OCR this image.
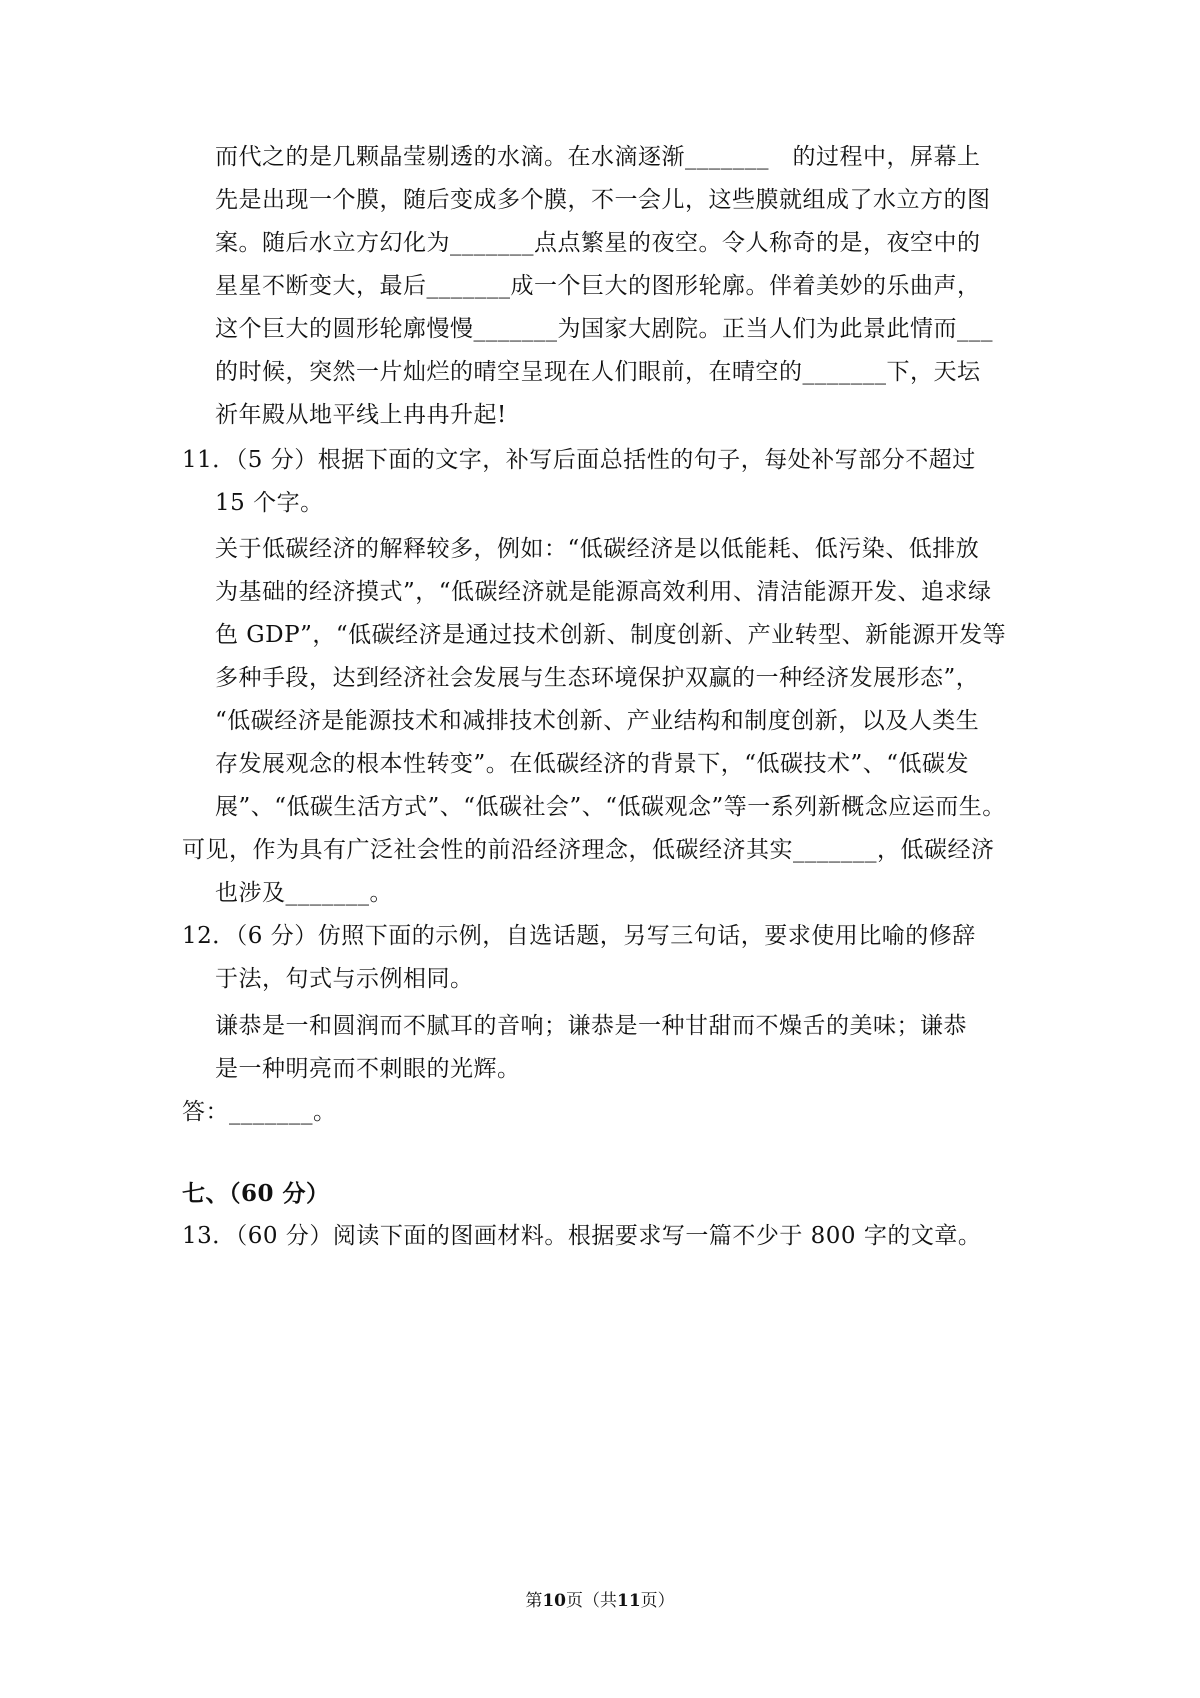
而代之的是几颗晶莹剔透的水滴。在水滴逐渐_______　的过程中，屏幕上
先是出现一个膜，随后变成多个膜，不一会儿，这些膜就组成了水立方的图
案。随后水立方幻化为_______点点繁星的夜空。令人称奇的是，夜空中的
星星不断变大，最后_______成一个巨大的图形轮廓。伴着美妙的乐曲声，
这个巨大的圆形轮廓慢慢_______为国家大剧院。正当人们为此景此情而___
的时候，突然一片灿烂的晴空呈现在人们眼前，在晴空的_______下，天坛
祈年殿从地平线上冉冉升起!
11．（5 分）根据下面的文字，补写后面总括性的句子，每处补写部分不超过
15 个字。
关于低碳经济的解释较多，例如：“低碳经济是以低能耗、低污染、低排放
为基础的经济摸式”，“低碳经济就是能源高效利用、清洁能源开发、追求绿
色 GDP”，“低碳经济是通过技术创新、制度创新、产业转型、新能源开发等
多种手段，达到经济社会发展与生态环境保护双赢的一种经济发展形态”，
“低碳经济是能源技术和减排技术创新、产业结构和制度创新，以及人类生
存发展观念的根本性转变”。在低碳经济的背景下，“低碳技术”、“低碳发
展”、“低碳生活方式”、“低碳社会”、“低碳观念”等一系列新概念应运而生。
可见，作为具有广泛社会性的前沿经济理念，低碳经济其实_______，低碳经济
也涉及_______。
12．（6 分）仿照下面的示例，自选话题，另写三句话，要求使用比喻的修辞
于法，句式与示例相同。
谦恭是一和圆润而不腻耳的音响；谦恭是一种甘甜而不燥舌的美味；谦恭
是一种明亮而不刺眼的光辉。
答：_______。
七、（60 分）
13．（60 分）阅读下面的图画材料。根据要求写一篇不少于 800 字的文章。
第10页（共11页）
